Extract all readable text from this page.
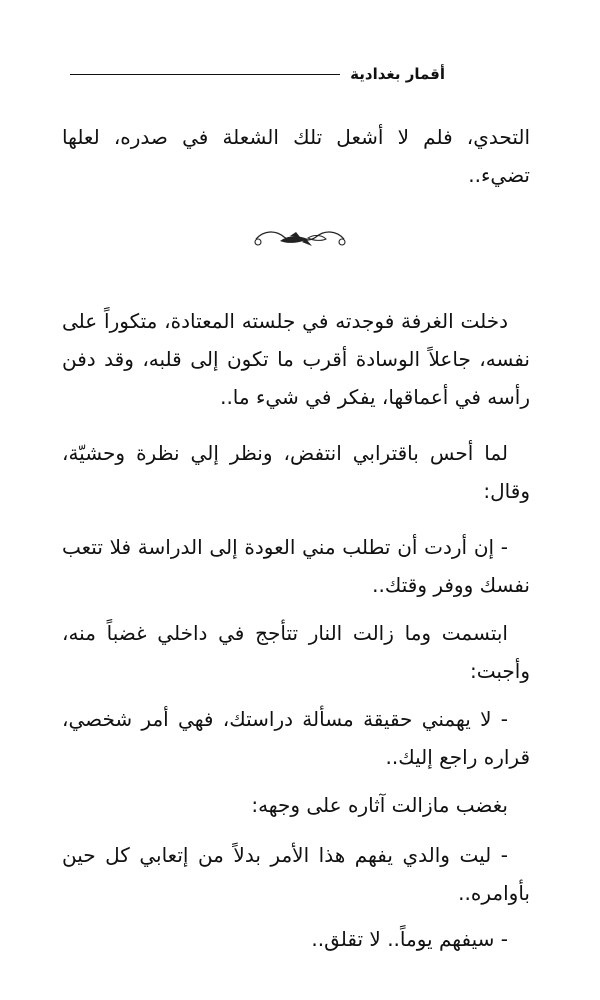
أقمار بغدادية

التحدي، فلم لا أشعل تلك الشعلة في صدره، لعلها تضيء..

دخلت الغرفة فوجدته في جلسته المعتادة، متكوراً على نفسه، جاعلاً الوسادة أقرب ما تكون إلى قلبه، وقد دفن رأسه في أعماقها، يفكر في شيء ما..

لما أحس باقترابي انتفض، ونظر إلي نظرة وحشيّة، وقال:

- إن أردت أن تطلب مني العودة إلى الدراسة فلا تتعب نفسك ووفر وقتك..

ابتسمت وما زالت النار تتأجج في داخلي غضباً منه، وأجبت:

- لا يهمني حقيقة مسألة دراستك، فهي أمر شخصي، قراره راجع إليك..

بغضب مازالت آثاره على وجهه:

- ليت والدي يفهم هذا الأمر بدلاً من إتعابي كل حين بأوامره..

- سيفهم يوماً.. لا تقلق..
